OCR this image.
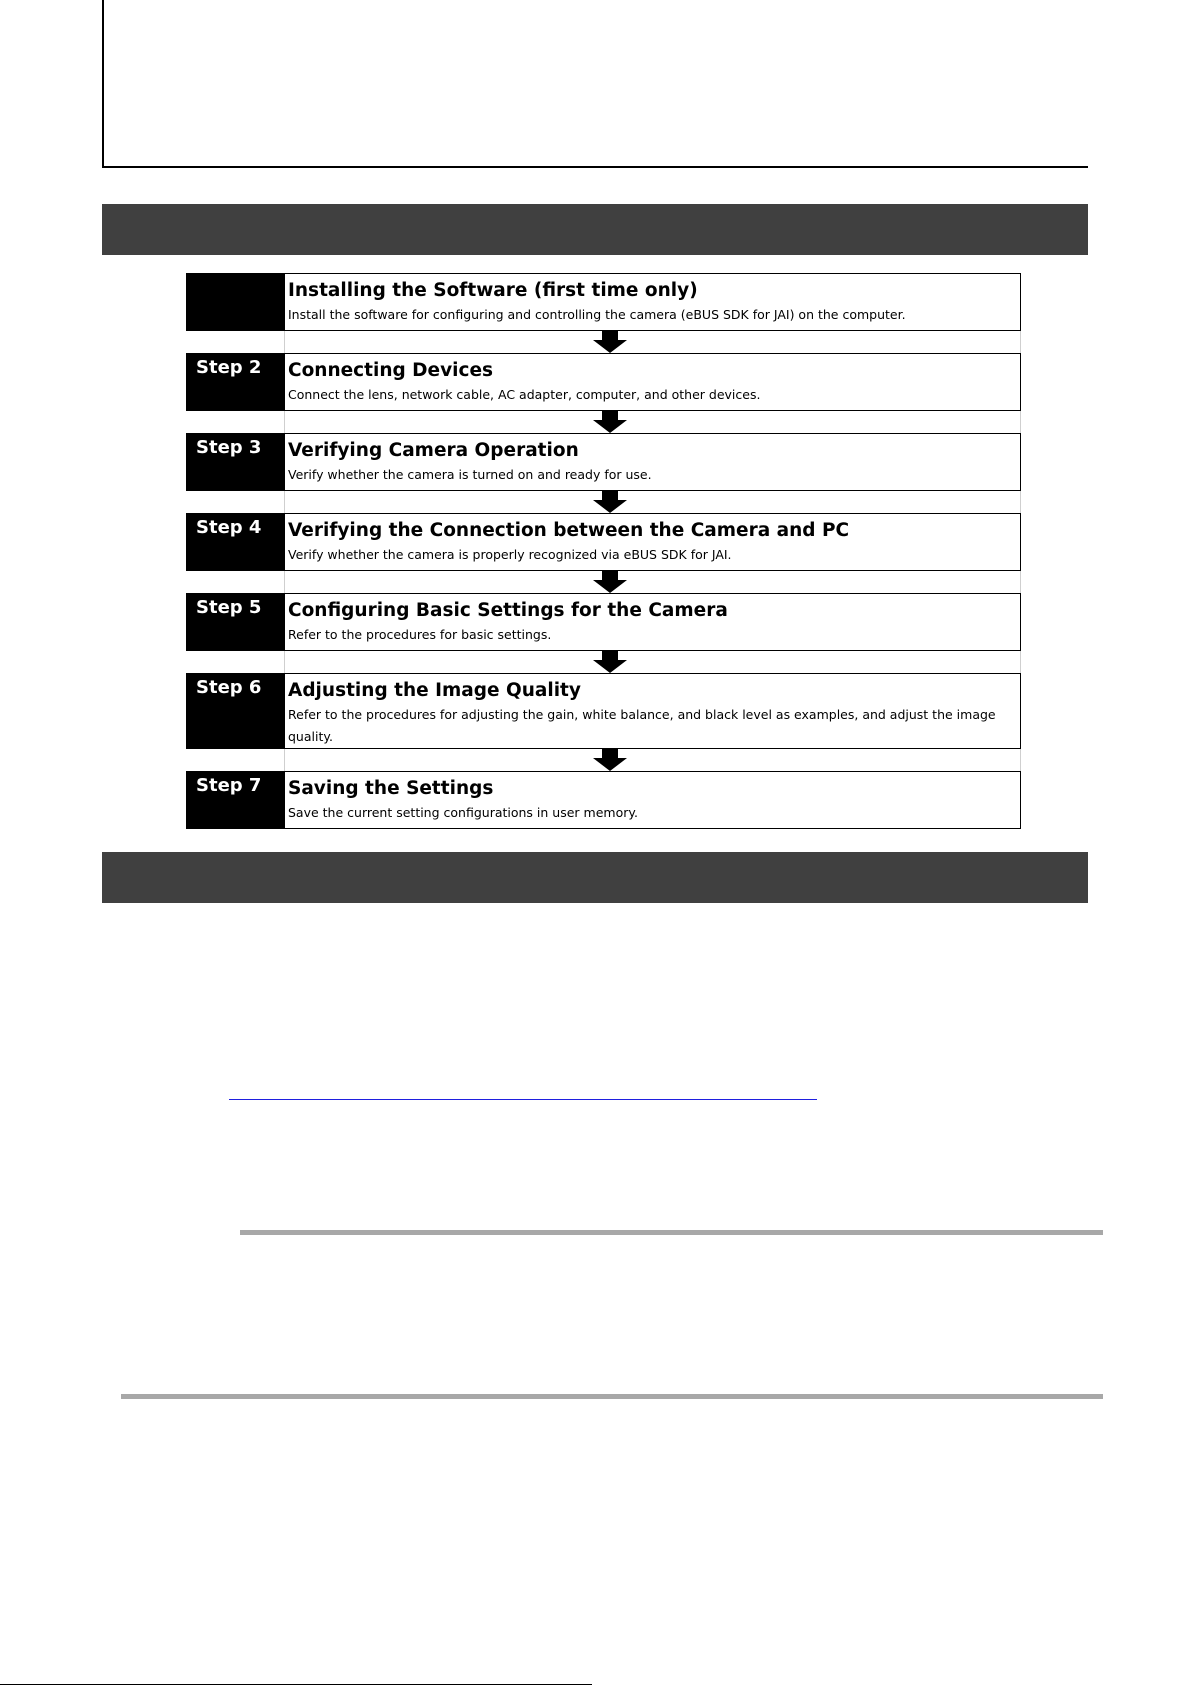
Installing the Software (first time only)
Install the software for configuring and controlling the camera (eBUS SDK for JAI) on the computer.
Step 2	Connecting Devices
Connect the lens, network cable, AC adapter, computer, and other devices.
Step 3	Verifying Camera Operation
Verify whether the camera is turned on and ready for use.
Step 4	Verifying the Connection between the Camera and PC
Verify whether the camera is properly recognized via eBUS SDK for JAI.
Step 5	Configuring Basic Settings for the Camera
Refer to the procedures for basic settings.
Step 6	Adjusting the Image Quality
Refer to the procedures for adjusting the gain, white balance, and black level as examples, and adjust the image quality.
Step 7	Saving the Settings
Save the current setting configurations in user memory.
